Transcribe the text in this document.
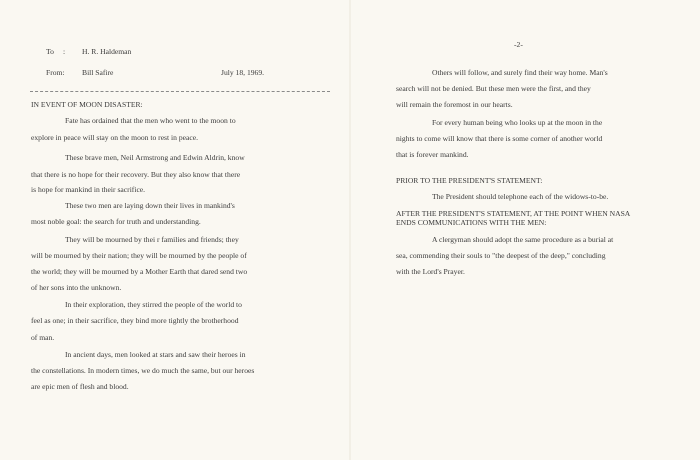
To : H. R. Haldeman
From: Bill Safire	July 18, 1969.
IN EVENT OF MOON DISASTER:
Fate has ordained that the men who went to the moon to
explore in peace will stay on the moon to rest in peace.
These brave men, Neil Armstrong and Edwin Aldrin, know
that there is no hope for their recovery. But they also know that there
is hope for mankind in their sacrifice.
These two men are laying down their lives in mankind's
most noble goal: the search for truth and understanding.
They will be mourned by thei r families and friends; they
will be mourned by their nation; they will be mourned by the people of
the world; they will be mourned by a Mother Earth that dared send two
of her sons into the unknown.
In their exploration, they stirred the people of the world to
feel as one; in their sacrifice, they bind more tightly the brotherhood
of man.
In ancient days, men looked at stars and saw their heroes in
the constellations. In modern times, we do much the same, but our heroes
are epic men of flesh and blood.
-2-
Others will follow, and surely find their way home. Man's
search will not be denied. But these men were the first, and they
will remain the foremost in our hearts.
For every human being who looks up at the moon in the
nights to come will know that there is some corner of another world
that is forever mankind.
PRIOR TO THE PRESIDENT'S STATEMENT:
The President should telephone each of the widows-to-be.
AFTER THE PRESIDENT'S STATEMENT, AT THE POINT WHEN NASA
ENDS COMMUNICATIONS WITH THE MEN:
A clergyman should adopt the same procedure as a burial at
sea, commending their souls to "the deepest of the deep," concluding
with the Lord's Prayer.
